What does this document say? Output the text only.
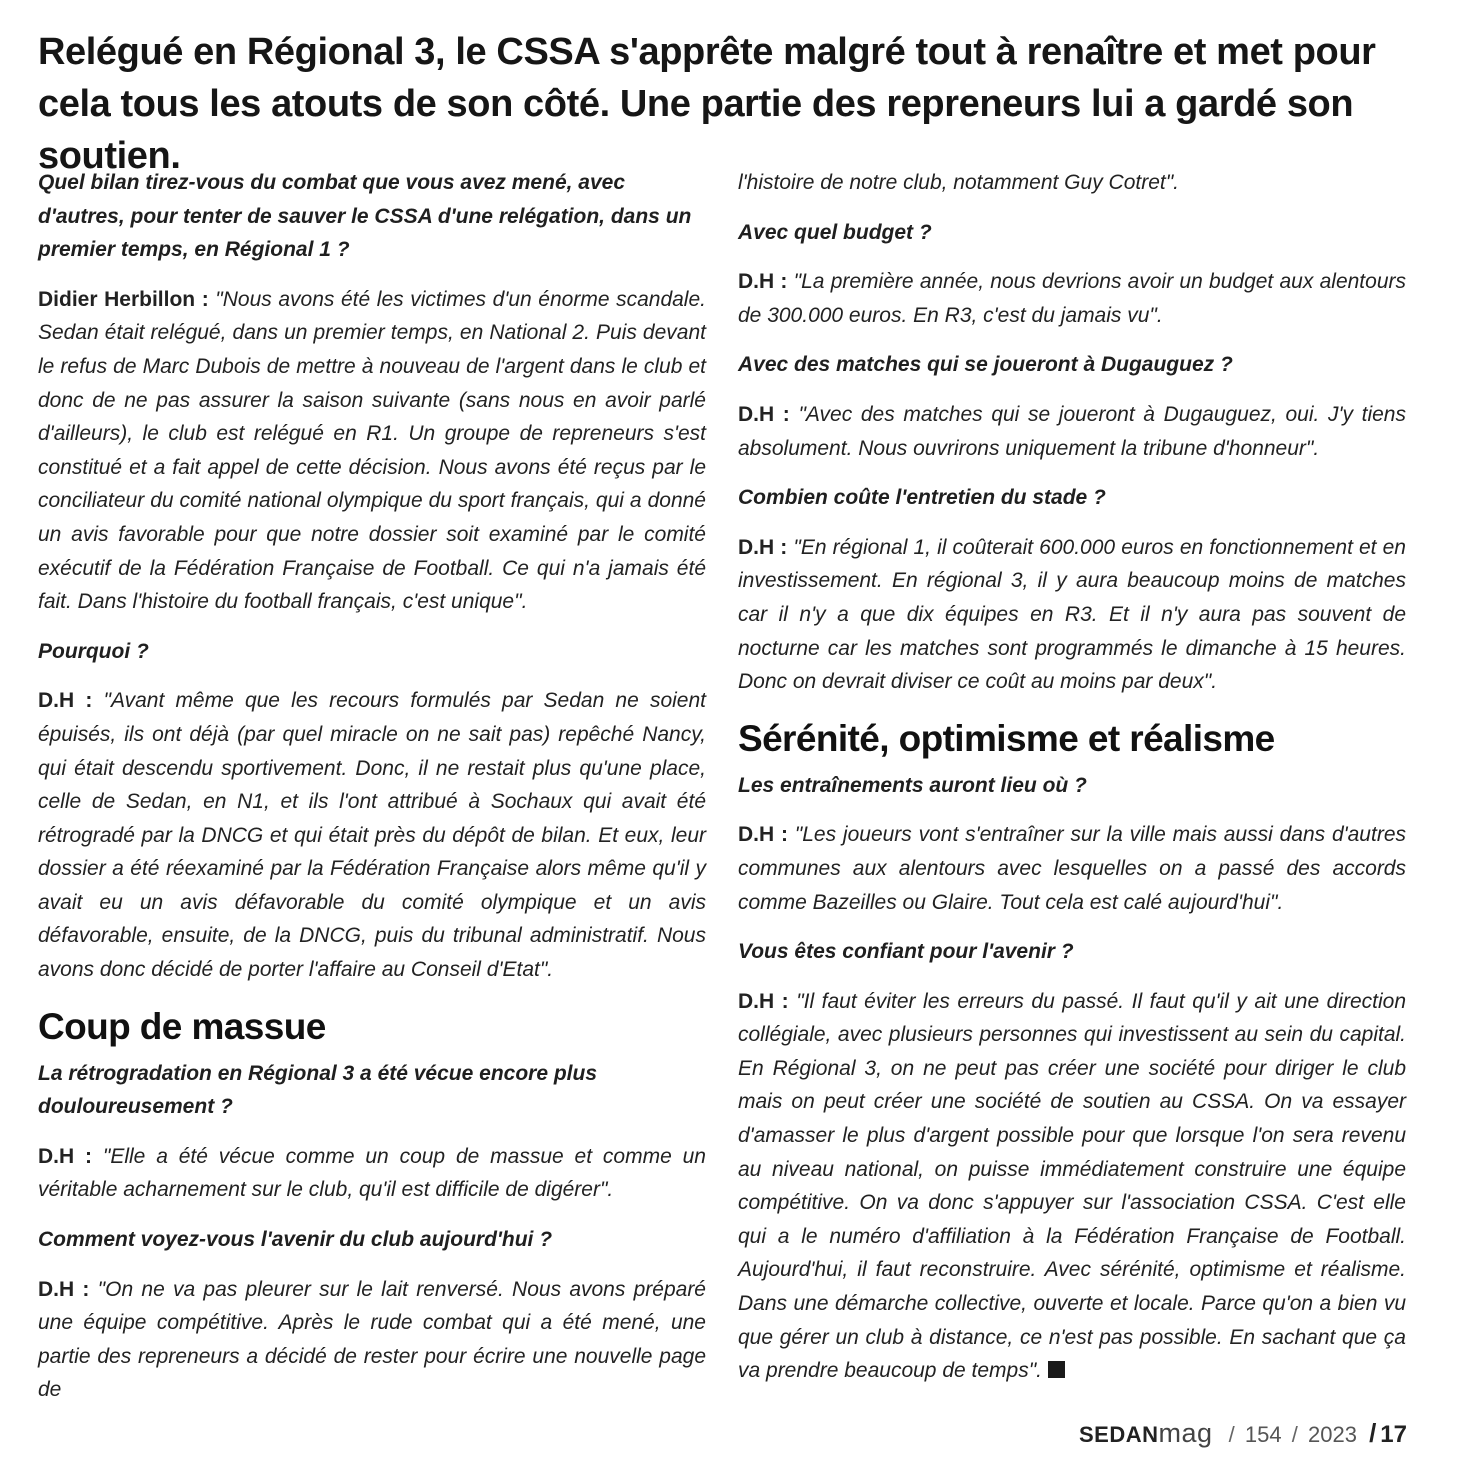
Relégué en Régional 3, le CSSA s'apprête malgré tout à renaître et met pour cela tous les atouts de son côté. Une partie des repreneurs lui a gardé son soutien.

Quel bilan tirez-vous du combat que vous avez mené, avec d'autres, pour tenter de sauver le CSSA d'une relégation, dans un premier temps, en Régional 1 ?

Didier Herbillon : "Nous avons été les victimes d'un énorme scandale. Sedan était relégué, dans un premier temps, en National 2. Puis devant le refus de Marc Dubois de mettre à nouveau de l'argent dans le club et donc de ne pas assurer la saison suivante (sans nous en avoir parlé d'ailleurs), le club est relégué en R1. Un groupe de repreneurs s'est constitué et a fait appel de cette décision. Nous avons été reçus par le conciliateur du comité national olympique du sport français, qui a donné un avis favorable pour que notre dossier soit examiné par le comité exécutif de la Fédération Française de Football. Ce qui n'a jamais été fait. Dans l'histoire du football français, c'est unique".

Pourquoi ?

D.H : "Avant même que les recours formulés par Sedan ne soient épuisés, ils ont déjà (par quel miracle on ne sait pas) repêché Nancy, qui était descendu sportivement. Donc, il ne restait plus qu'une place, celle de Sedan, en N1, et ils l'ont attribué à Sochaux qui avait été rétrogradé par la DNCG et qui était près du dépôt de bilan. Et eux, leur dossier a été réexaminé par la Fédération Française alors même qu'il y avait eu un avis défavorable du comité olympique et un avis défavorable, ensuite, de la DNCG, puis du tribunal administratif. Nous avons donc décidé de porter l'affaire au Conseil d'Etat".

Coup de massue

La rétrogradation en Régional 3 a été vécue encore plus douloureusement ?

D.H : "Elle a été vécue comme un coup de massue et comme un véritable acharnement sur le club, qu'il est difficile de digérer".

Comment voyez-vous l'avenir du club aujourd'hui ?

D.H : "On ne va pas pleurer sur le lait renversé. Nous avons préparé une équipe compétitive. Après le rude combat qui a été mené, une partie des repreneurs a décidé de rester pour écrire une nouvelle page de

l'histoire de notre club, notamment Guy Cotret".

Avec quel budget ?

D.H : "La première année, nous devrions avoir un budget aux alentours de 300.000 euros. En R3, c'est du jamais vu".

Avec des matches qui se joueront à Dugauguez ?

D.H : "Avec des matches qui se joueront à Dugauguez, oui. J'y tiens absolument. Nous ouvrirons uniquement la tribune d'honneur".

Combien coûte l'entretien du stade ?

D.H : "En régional 1, il coûterait 600.000 euros en fonctionnement et en investissement. En régional 3, il y aura beaucoup moins de matches car il n'y a que dix équipes en R3. Et il n'y aura pas souvent de nocturne car les matches sont programmés le dimanche à 15 heures. Donc on devrait diviser ce coût au moins par deux".

Sérénité, optimisme et réalisme

Les entraînements auront lieu où ?

D.H : "Les joueurs vont s'entraîner sur la ville mais aussi dans d'autres communes aux alentours avec lesquelles on a passé des accords comme Bazeilles ou Glaire. Tout cela est calé aujourd'hui".

Vous êtes confiant pour l'avenir ?

D.H : "Il faut éviter les erreurs du passé. Il faut qu'il y ait une direction collégiale, avec plusieurs personnes qui investissent au sein du capital. En Régional 3, on ne peut pas créer une société pour diriger le club mais on peut créer une société de soutien au CSSA. On va essayer d'amasser le plus d'argent possible pour que lorsque l'on sera revenu au niveau national, on puisse immédiatement construire une équipe compétitive. On va donc s'appuyer sur l'association CSSA. C'est elle qui a le numéro d'affiliation à la Fédération Française de Football. Aujourd'hui, il faut reconstruire. Avec sérénité, optimisme et réalisme. Dans une démarche collective, ouverte et locale. Parce qu'on a bien vu que gérer un club à distance, ce n'est pas possible. En sachant que ça va prendre beaucoup de temps".

SEDANmag / 154 / 2023 / 17
